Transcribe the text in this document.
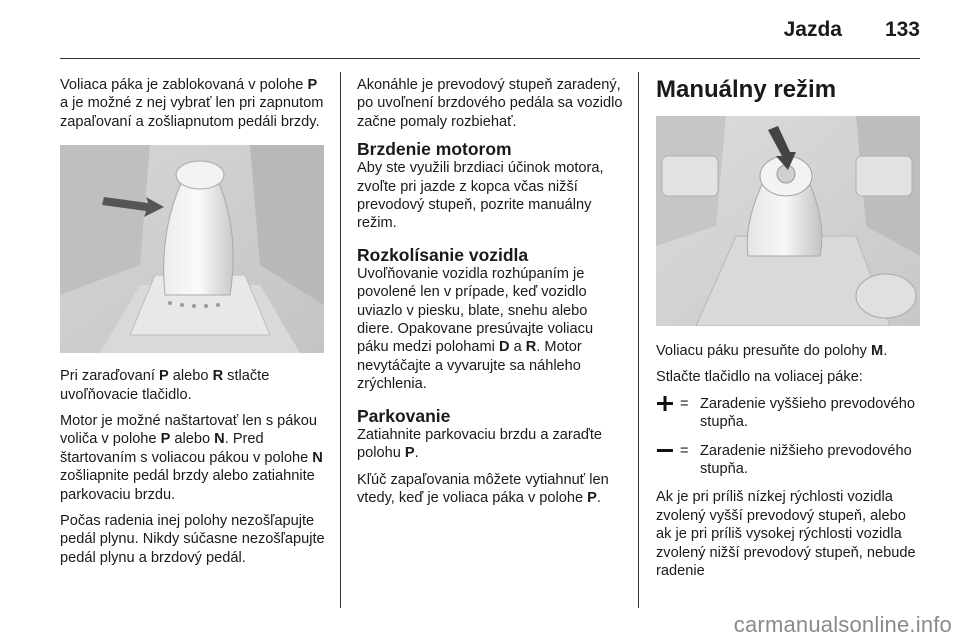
Jazda 133

Voliaca páka je zablokovaná v polohe P a je možné z nej vybrať len pri zapnutom zapaľovaní a zošliapnutom pedáli brzdy.

Pri zaraďovaní P alebo R stlačte uvoľňovacie tlačidlo.

Motor je možné naštartovať len s pákou voliča v polohe P alebo N. Pred štartovaním s voliacou pákou v polohe N zošliapnite pedál brzdy alebo zatiahnite parkovaciu brzdu.

Počas radenia inej polohy nezošľapujte pedál plynu. Nikdy súčasne nezošľapujte pedál plynu a brzdový pedál.

Akonáhle je prevodový stupeň zaradený, po uvoľnení brzdového pedála sa vozidlo začne pomaly rozbiehať.

Brzdenie motorom

Aby ste využili brzdiaci účinok motora, zvoľte pri jazde z kopca včas nižší prevodový stupeň, pozrite manuálny režim.

Rozkolísanie vozidla

Uvoľňovanie vozidla rozhúpaním je povolené len v prípade, keď vozidlo uviazlo v piesku, blate, snehu alebo diere. Opakovane presúvajte voliacu páku medzi polohami D a R. Motor nevytáčajte a vyvarujte sa náhleho zrýchlenia.

Parkovanie

Zatiahnite parkovaciu brzdu a zaraďte polohu P.

Kľúč zapaľovania môžete vytiahnuť len vtedy, keď je voliaca páka v polohe P.

Manuálny režim

Voliacu páku presuňte do polohy M.

Stlačte tlačidlo na voliacej páke:

= Zaradenie vyššieho prevodového stupňa.
= Zaradenie nižšieho prevodového stupňa.

Ak je pri príliš nízkej rýchlosti vozidla zvolený vyšší prevodový stupeň, alebo ak je pri príliš vysokej rýchlosti vozidla zvolený nižší prevodový stupeň, nebude radenie

carmanualsonline.info
